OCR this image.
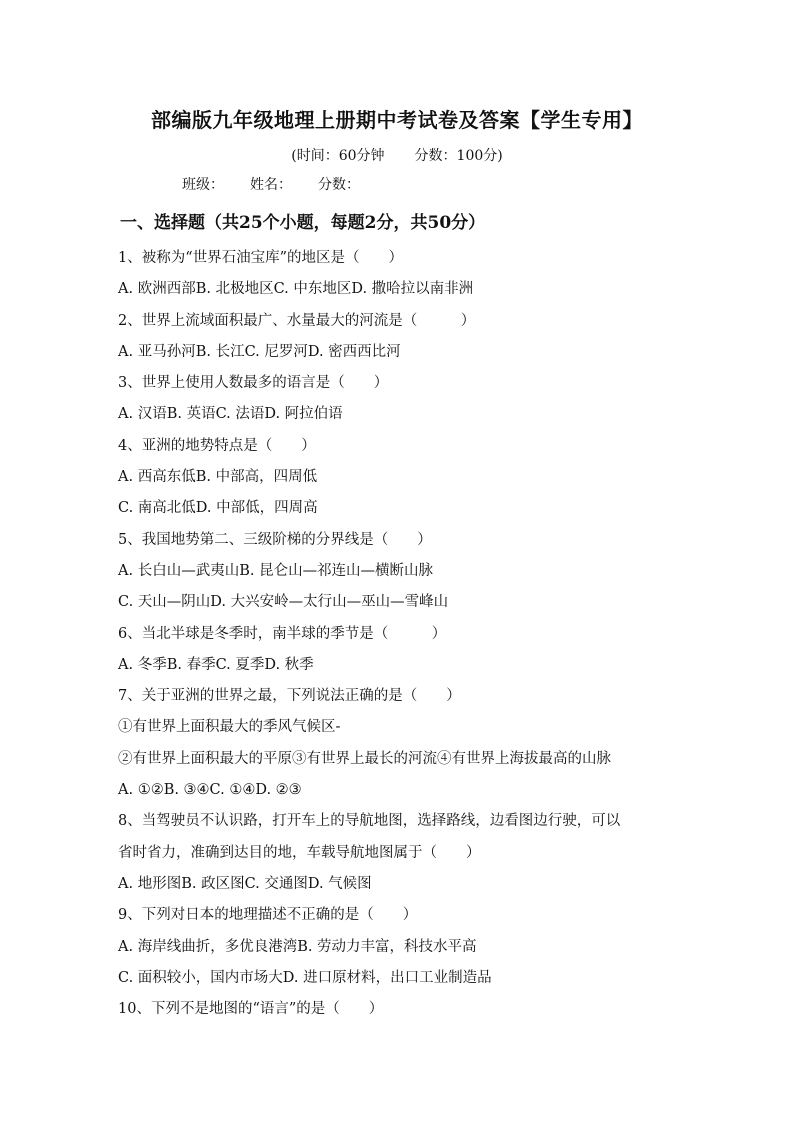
部编版九年级地理上册期中考试卷及答案【学生专用】
(时间：60分钟 分数：100分)
班级： 姓名： 分数：
一、选择题（共25个小题，每题2分，共50分）
1、被称为“世界石油宝库”的地区是（　　）
A. 欧洲西部B. 北极地区C. 中东地区D. 撒哈拉以南非洲
2、世界上流域面积最广、水量最大的河流是（　　　）
A. 亚马孙河B. 长江C. 尼罗河D. 密西西比河
3、世界上使用人数最多的语言是（　　）
A. 汉语B. 英语C. 法语D. 阿拉伯语
4、亚洲的地势特点是（　　）
A. 西高东低B. 中部高，四周低
C. 南高北低D. 中部低，四周高
5、我国地势第二、三级阶梯的分界线是（　　）
A. 长白山—武夷山B. 昆仑山—祁连山—横断山脉
C. 天山—阴山D. 大兴安岭—太行山—巫山—雪峰山
6、当北半球是冬季时，南半球的季节是（　　　）
A. 冬季B. 春季C. 夏季D. 秋季
7、关于亚洲的世界之最，下列说法正确的是（　　）
①有世界上面积最大的季风气候区-
②有世界上面积最大的平原③有世界上最长的河流④有世界上海拔最高的山脉
A. ①②B. ③④C. ①④D. ②③
8、当驾驶员不认识路，打开车上的导航地图，选择路线，边看图边行驶，可以
省时省力，准确到达目的地，车载导航地图属于（　　）
A. 地形图B. 政区图C. 交通图D. 气候图
9、下列对日本的地理描述不正确的是（　　）
A. 海岸线曲折，多优良港湾B. 劳动力丰富，科技水平高
C. 面积较小，国内市场大D. 进口原材料，出口工业制造品
10、下列不是地图的“语言”的是（　　）
